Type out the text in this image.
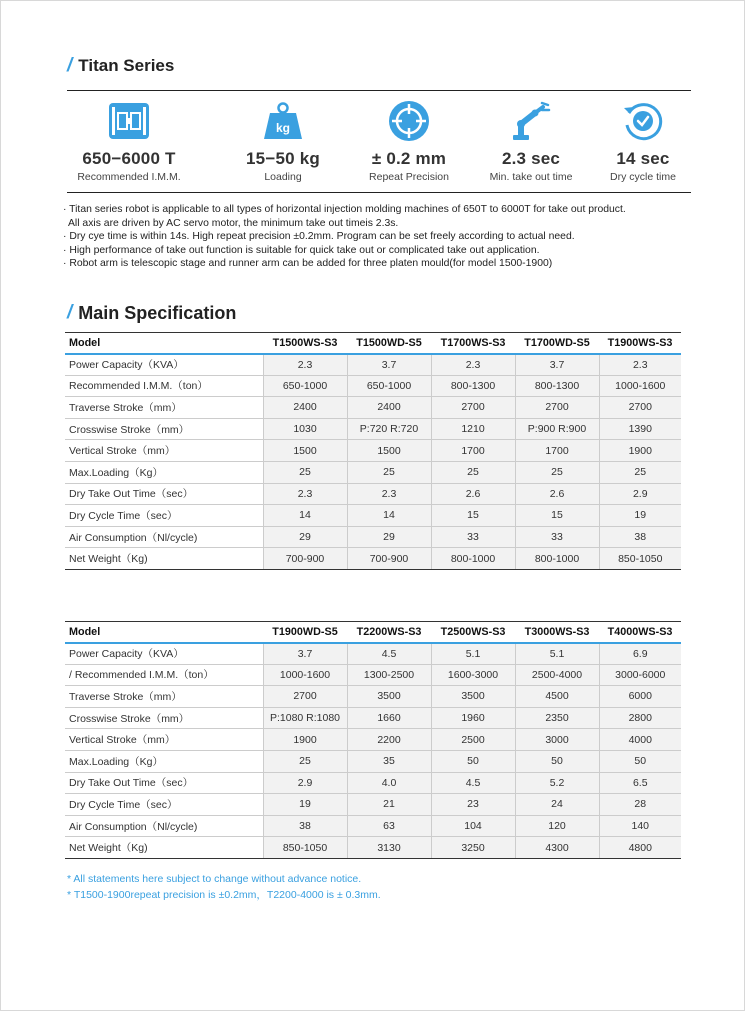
/ Titan Series
650−6000 T
Recommended I.M.M.
kg
15−50 kg
Loading
± 0.2 mm
Repeat Precision
2.3 sec
Min. take out time
14 sec
Dry cycle time
· Titan series robot is applicable to all types of horizontal injection molding machines of 650T to 6000T for take out product.
All axis are driven by AC servo motor, the minimum take out timeis 2.3s.
· Dry cye time is within 14s. High repeat precision ±0.2mm. Program can be set freely according to actual need.
· High performance of take out function is suitable for quick take out or complicated take out application.
· Robot arm is telescopic stage and runner arm can be added for three platen mould(for model 1500-1900)
/ Main Specification
Model	T1500WS-S3	T1500WD-S5	T1700WS-S3	T1700WD-S5	T1900WS-S3
Power Capacity（KVA）	2.3	3.7	2.3	3.7	2.3
Recommended I.M.M.（ton）	650-1000	650-1000	800-1300	800-1300	1000-1600
Traverse Stroke（mm）	2400	2400	2700	2700	2700
Crosswise Stroke（mm）	1030	P:720 R:720	1210	P:900 R:900	1390
Vertical Stroke（mm）	1500	1500	1700	1700	1900
Max.Loading（Kg）	25	25	25	25	25
Dry Take Out Time（sec）	2.3	2.3	2.6	2.6	2.9
Dry Cycle Time（sec）	14	14	15	15	19
Air Consumption（Nl/cycle)	29	29	33	33	38
Net Weight（Kg)	700-900	700-900	800-1000	800-1000	850-1050
Model	T1900WD-S5	T2200WS-S3	T2500WS-S3	T3000WS-S3	T4000WS-S3
Power Capacity（KVA）	3.7	4.5	5.1	5.1	6.9
/ Recommended I.M.M.（ton）	1000-1600	1300-2500	1600-3000	2500-4000	3000-6000
Traverse Stroke（mm）	2700	3500	3500	4500	6000
Crosswise Stroke（mm）	P:1080 R:1080	1660	1960	2350	2800
Vertical Stroke（mm）	1900	2200	2500	3000	4000
Max.Loading（Kg）	25	35	50	50	50
Dry Take Out Time（sec）	2.9	4.0	4.5	5.2	6.5
Dry Cycle Time（sec）	19	21	23	24	28
Air Consumption（Nl/cycle)	38	63	104	120	140
Net Weight（Kg)	850-1050	3130	3250	4300	4800
* All statements here subject to change without advance notice.
* T1500-1900repeat precision is ±0.2mm，T2200-4000 is ± 0.3mm.
